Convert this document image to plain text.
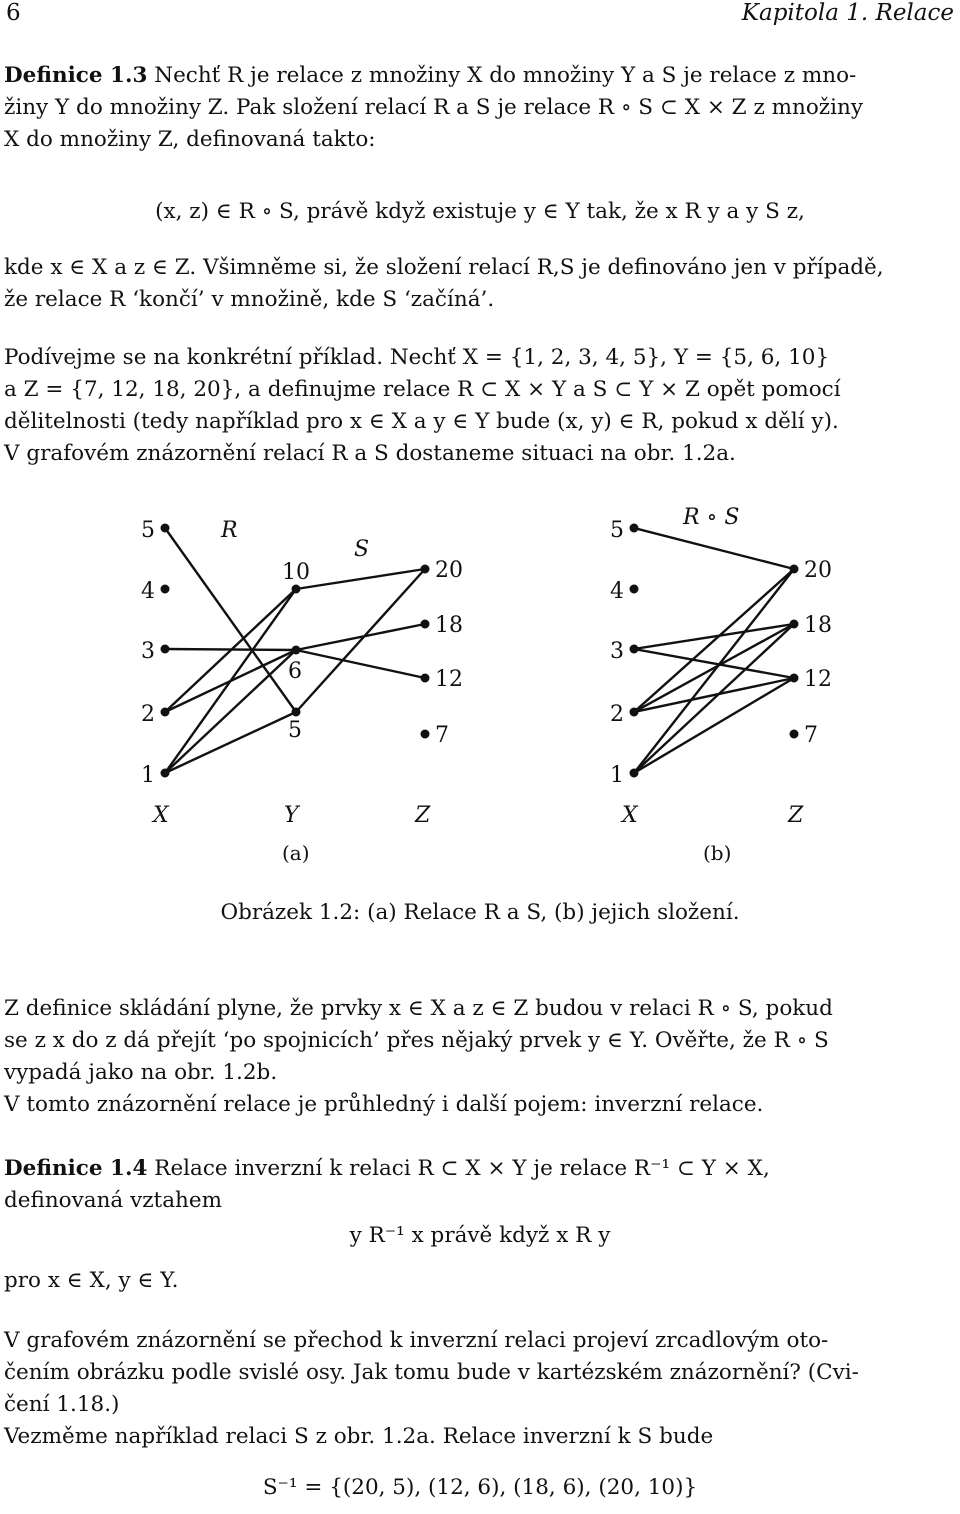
6	Kapitola 1. Relace
Definice 1.3 Nechť R je relace z množiny X do množiny Y a S je relace z mno-
žiny Y do množiny Z. Pak složení relací R a S je relace R ∘ S ⊂ X × Z z množiny
X do množiny Z, definovaná takto:
(x, z) ∈ R ∘ S, právě když existuje y ∈ Y tak, že x R y a y S z,
kde x ∈ X a z ∈ Z. Všimněme si, že složení relací R,S je definováno jen v případě,
že relace R ‘končí’ v množině, kde S ‘začíná’.
Podívejme se na konkrétní příklad. Nechť X = {1, 2, 3, 4, 5}, Y = {5, 6, 10}
a Z = {7, 12, 18, 20}, a definujme relace R ⊂ X × Y a S ⊂ Y × Z opět pomocí
dělitelnosti (tedy například pro x ∈ X a y ∈ Y bude (x, y) ∈ R, pokud x dělí y).
V grafovém znázornění relací R a S dostaneme situaci na obr. 1.2a.
5
4
3
2
1
10
6
5
20
18
12
7
R
S
X	Y	Z
(a)
5
4
3
2
1
20
18
12
7
R ∘ S
X	Z
(b)
Obrázek 1.2: (a) Relace R a S, (b) jejich složení.
Z definice skládání plyne, že prvky x ∈ X a z ∈ Z budou v relaci R ∘ S, pokud
se z x do z dá přejít ‘po spojnicích’ přes nějaký prvek y ∈ Y. Ověřte, že R ∘ S
vypadá jako na obr. 1.2b.
V tomto znázornění relace je průhledný i další pojem: inverzní relace.
Definice 1.4 Relace inverzní k relaci R ⊂ X × Y je relace R⁻¹ ⊂ Y × X,
definovaná vztahem
y R⁻¹ x právě když x R y
pro x ∈ X, y ∈ Y.
V grafovém znázornění se přechod k inverzní relaci projeví zrcadlovým oto-
čením obrázku podle svislé osy. Jak tomu bude v kartézském znázornění? (Cvi-
čení 1.18.)
Vezměme například relaci S z obr. 1.2a. Relace inverzní k S bude
S⁻¹ = {(20, 5), (12, 6), (18, 6), (20, 10)}
